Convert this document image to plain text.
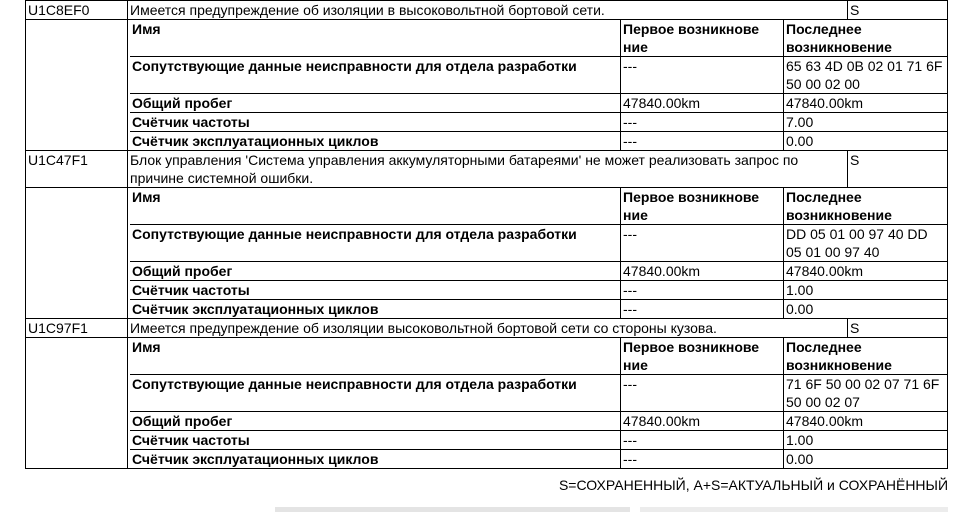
U1C8EF0	Имеется предупреждение об изоляции в высоковольтной бортовой сети.	S

Имя	Первое возникнове ние	Последнее возникновение
Сопутствующие данные неисправности для отдела разработки	---	65 63 4D 0B 02 01 71 6F 50 00 02 00
Общий пробег	47840.00km	47840.00km
Счётчик частоты	---	7.00
Счётчик эксплуатационных циклов	---	0.00

U1C47F1	Блок управления 'Система управления аккумуляторными батареями' не может реализовать запрос по причине системной ошибки.	S

Имя	Первое возникнове ние	Последнее возникновение
Сопутствующие данные неисправности для отдела разработки	---	DD 05 01 00 97 40 DD 05 01 00 97 40
Общий пробег	47840.00km	47840.00km
Счётчик частоты	---	1.00
Счётчик эксплуатационных циклов	---	0.00

U1C97F1	Имеется предупреждение об изоляции высоковольтной бортовой сети со стороны кузова.	S

Имя	Первое возникнове ние	Последнее возникновение
Сопутствующие данные неисправности для отдела разработки	---	71 6F 50 00 02 07 71 6F 50 00 02 07
Общий пробег	47840.00km	47840.00km
Счётчик частоты	---	1.00
Счётчик эксплуатационных циклов	---	0.00
S=СОХРАНЕННЫЙ, A+S=АКТУАЛЬНЫЙ и СОХРАНЁННЫЙ
